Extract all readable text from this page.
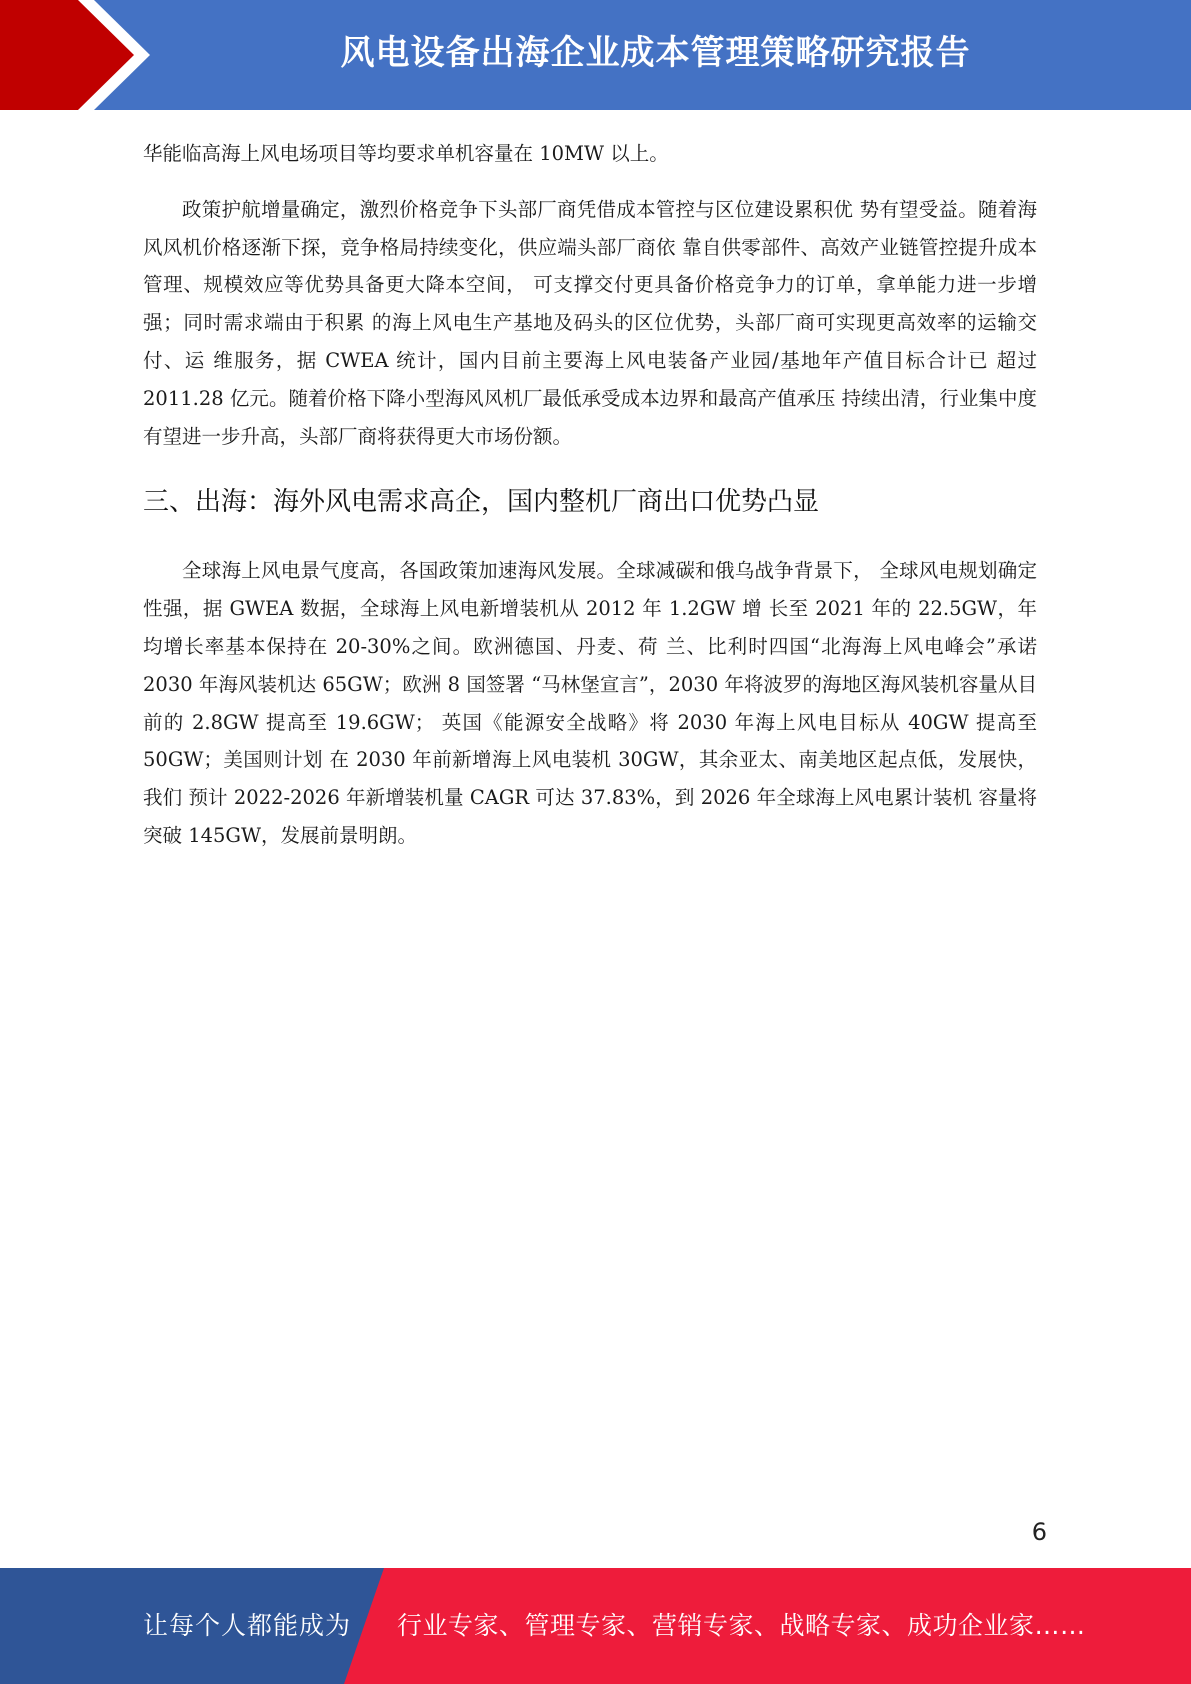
风电设备出海企业成本管理策略研究报告

华能临高海上风电场项目等均要求单机容量在 10MW 以上。

政策护航增量确定，激烈价格竞争下头部厂商凭借成本管控与区位建设累积优 势有望受益。随着海风风机价格逐渐下探，竞争格局持续变化，供应端头部厂商依 靠自供零部件、高效产业链管控提升成本管理、规模效应等优势具备更大降本空间， 可支撑交付更具备价格竞争力的订单，拿单能力进一步增强；同时需求端由于积累 的海上风电生产基地及码头的区位优势，头部厂商可实现更高效率的运输交付、运 维服务，据 CWEA 统计，国内目前主要海上风电装备产业园/基地年产值目标合计已 超过 2011.28 亿元。随着价格下降小型海风风机厂最低承受成本边界和最高产值承压 持续出清，行业集中度有望进一步升高，头部厂商将获得更大市场份额。

三、出海：海外风电需求高企，国内整机厂商出口优势凸显

全球海上风电景气度高，各国政策加速海风发展。全球减碳和俄乌战争背景下， 全球风电规划确定性强，据 GWEA 数据，全球海上风电新增装机从 2012 年 1.2GW 增 长至 2021 年的 22.5GW，年均增长率基本保持在 20-30%之间。欧洲德国、丹麦、荷 兰、比利时四国“北海海上风电峰会”承诺 2030 年海风装机达 65GW；欧洲 8 国签署 “马林堡宣言”，2030 年将波罗的海地区海风装机容量从目前的 2.8GW 提高至 19.6GW； 英国《能源安全战略》将 2030 年海上风电目标从 40GW 提高至 50GW；美国则计划 在 2030 年前新增海上风电装机 30GW，其余亚太、南美地区起点低，发展快，我们 预计 2022-2026 年新增装机量 CAGR 可达 37.83%，到 2026 年全球海上风电累计装机 容量将突破 145GW，发展前景明朗。

6
让每个人都能成为 行业专家、管理专家、营销专家、战略专家、成功企业家……
